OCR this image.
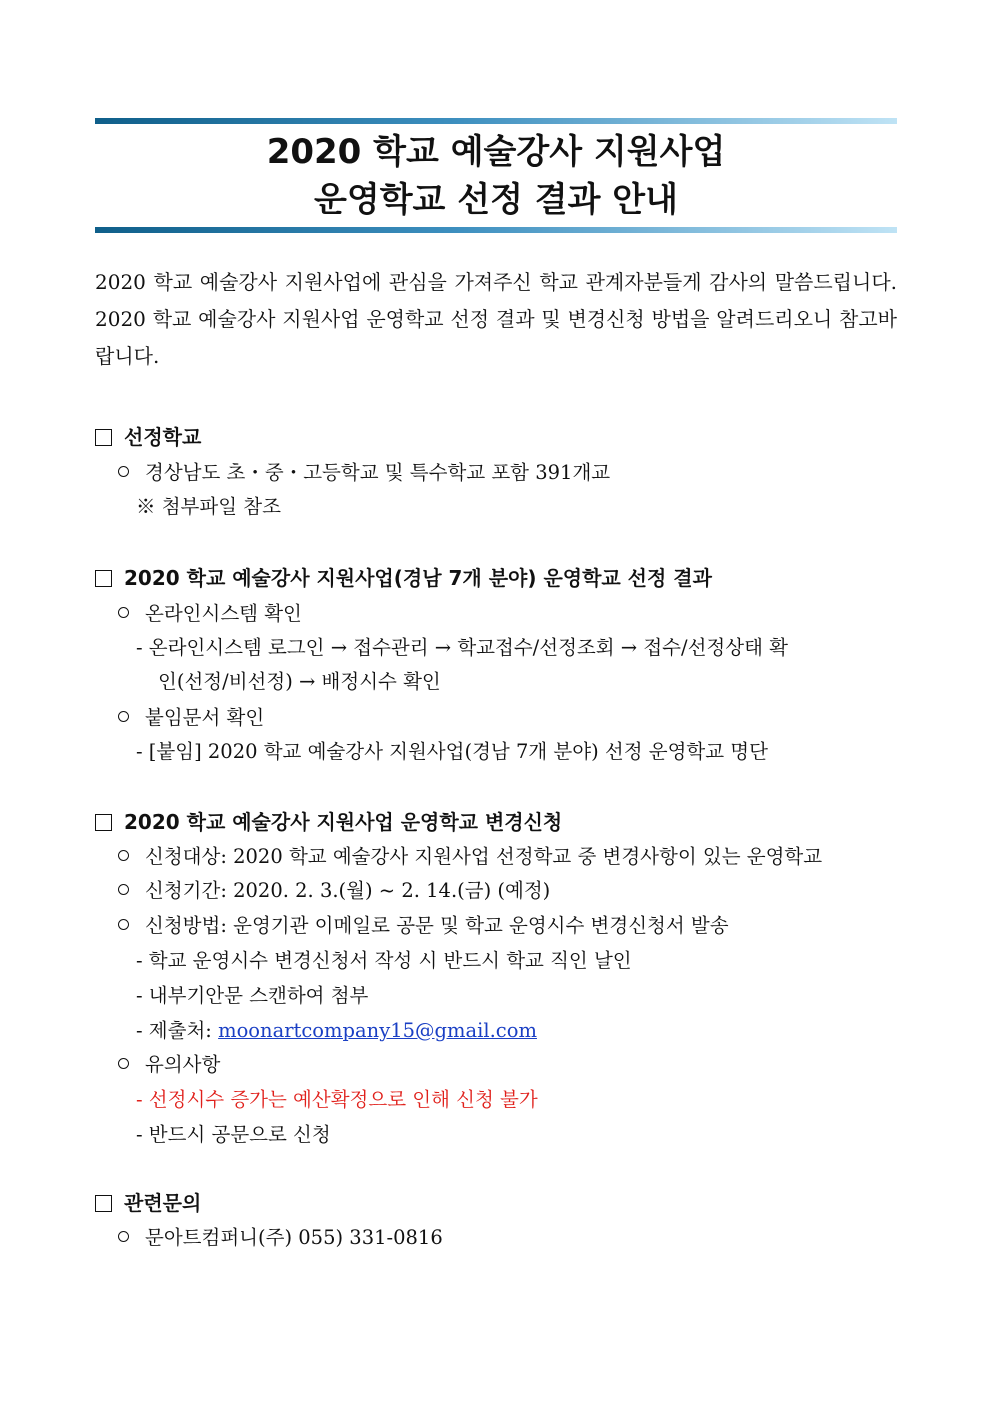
2020 학교 예술강사 지원사업
운영학교 선정 결과 안내
2020 학교 예술강사 지원사업에 관심을 가져주신 학교 관계자분들게 감사의 말씀드립니다. 2020 학교 예술강사 지원사업 운영학교 선정 결과 및 변경신청 방법을 알려드리오니 참고바랍니다.
선정학교
경상남도 초・중・고등학교 및 특수학교 포함 391개교
※ 첨부파일 참조
2020 학교 예술강사 지원사업(경남 7개 분야) 운영학교 선정 결과
온라인시스템 확인
- 온라인시스템 로그인 → 접수관리 → 학교접수/선정조회 → 접수/선정상태 확
인(선정/비선정) → 배정시수 확인
붙임문서 확인
- [붙임] 2020 학교 예술강사 지원사업(경남 7개 분야) 선정 운영학교 명단
2020 학교 예술강사 지원사업 운영학교 변경신청
신청대상: 2020 학교 예술강사 지원사업 선정학교 중 변경사항이 있는 운영학교
신청기간: 2020. 2. 3.(월) ~ 2. 14.(금) (예정)
신청방법: 운영기관 이메일로 공문 및 학교 운영시수 변경신청서 발송
- 학교 운영시수 변경신청서 작성 시 반드시 학교 직인 날인
- 내부기안문 스캔하여 첨부
- 제출처: moonartcompany15@gmail.com
유의사항
- 선정시수 증가는 예산확정으로 인해 신청 불가
- 반드시 공문으로 신청
관련문의
문아트컴퍼니(주) 055) 331-0816
